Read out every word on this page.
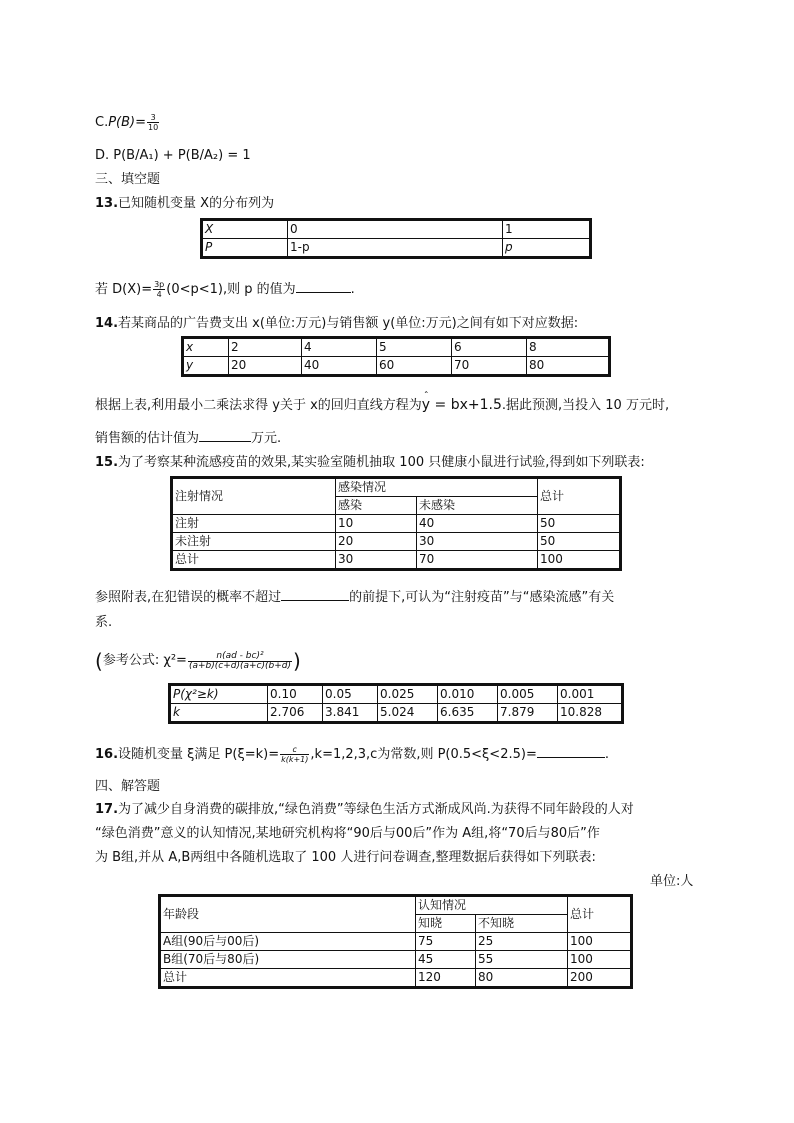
$C.P(B)= \frac{3}{10}$
D. P(B/A₁) + P(B/A₂) = 1
三、填空题
13.已知随机变量 X的分布列为
X	0	1
P	1-p	p
若 $D(X)= \frac{3p}{4} (0<p<1)$,则 p 的值为	.
14.若某商品的广告费支出 x(单位:万元)与销售额 y(单位:万元)之间有如下对应数据:
x	2	4	5	6	8
y	20	40	60	70	80
根据上表,利用最小二乘法求得 y关于 x的回归直线方程为ˆ y = bx+1.5.据此预测,当投入 10 万元时,
销售额的估计值为	万元.
15.为了考察某种流感疫苗的效果,某实验室随机抽取 100 只健康小鼠进行试验,得到如下列联表:
注射情况	感染情况		总计
	感染	未感染	
注射	10	40	50
未注射	20	30	50
总计	30	70	100
参照附表,在犯错误的概率不超过	的前提下,可认为“注射疫苗”与“感染流感”有关
系.
(参考公式: $\chi^2= \frac{\text{n(ad - bc)²}}{(a+b)(c+d)(a+c)(b+d)}$ )
P(χ²≥k)	0.10	0.05	0.025	0.010	0.005	0.001
k	2.706	3.841	5.024	6.635	7.879	10.828
16.设随机变量 ξ满足 $P(\xi=k)= \frac{c}{k(k+1)} ,k=1,2,3,c$为常数,则 P(0.5<ξ<2.5)=	.
四、解答题
17.为了减少自身消费的碳排放,“绿色消费”等绿色生活方式渐成风尚.为获得不同年龄段的人对
“绿色消费”意义的认知情况,某地研究机构将“90后与00后”作为 A组,将“70后与80后”作
为 B组,并从 A,B两组中各随机选取了 100 人进行问卷调查,整理数据后获得如下列联表:
单位:人
年龄段	认知情况		总计
	知晓	不知晓	
A组(90后与00后)	75	25	100
B组(70后与80后)	45	55	100
总计	120	80	200
